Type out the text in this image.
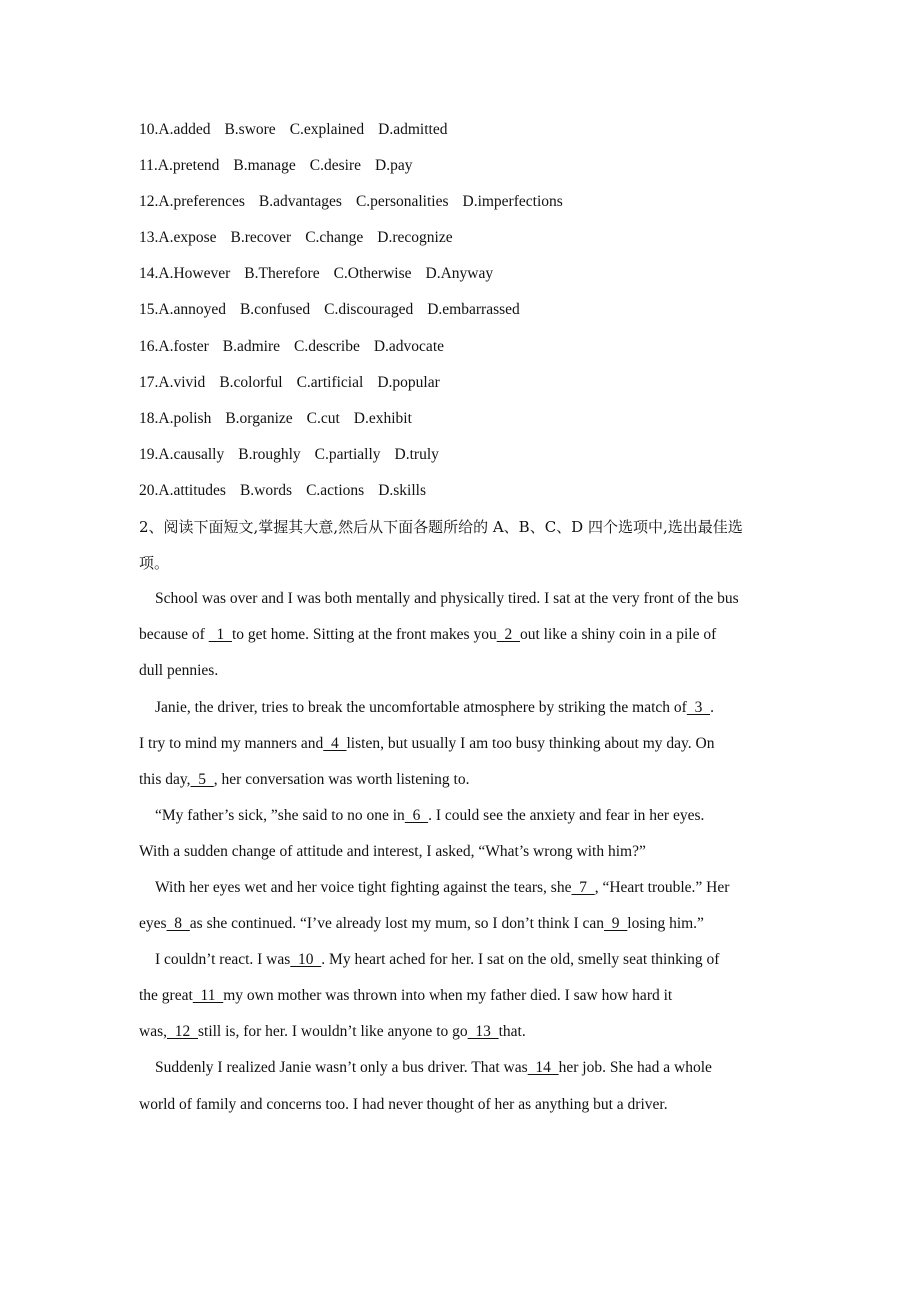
10.A.added B.swore C.explained D.admitted
11.A.pretend B.manage C.desire D.pay
12.A.preferences B.advantages C.personalities D.imperfections
13.A.expose B.recover C.change D.recognize
14.A.However B.Therefore C.Otherwise D.Anyway
15.A.annoyed B.confused C.discouraged D.embarrassed
16.A.foster B.admire C.describe D.advocate
17.A.vivid B.colorful C.artificial D.popular
18.A.polish B.organize C.cut D.exhibit
19.A.causally B.roughly C.partially D.truly
20.A.attitudes B.words C.actions D.skills
2、阅读下面短文,掌握其大意,然后从下面各题所给的 A、B、C、D 四个选项中,选出最佳选
项。
School was over and I was both mentally and physically tired. I sat at the very front of the bus
because of   1  to get home. Sitting at the front makes you  2  out like a shiny coin in a pile of
dull pennies.
Janie, the driver, tries to break the uncomfortable atmosphere by striking the match of  3  .
I try to mind my manners and  4  listen, but usually I am too busy thinking about my day. On
this day,  5  , her conversation was worth listening to.
“My father’s sick, ”she said to no one in  6  . I could see the anxiety and fear in her eyes.
With a sudden change of attitude and interest, I asked, “What’s wrong with him?”
With her eyes wet and her voice tight fighting against the tears, she  7  , “Heart trouble.” Her
eyes  8  as she continued. “I’ve already lost my mum, so I don’t think I can  9  losing him.”
I couldn’t react. I was  10  . My heart ached for her. I sat on the old, smelly seat thinking of
the great  11  my own mother was thrown into when my father died. I saw how hard it
was,  12  still is, for her. I wouldn’t like anyone to go  13  that.
Suddenly I realized Janie wasn’t only a bus driver. That was  14  her job. She had a whole
world of family and concerns too. I had never thought of her as anything but a driver.
